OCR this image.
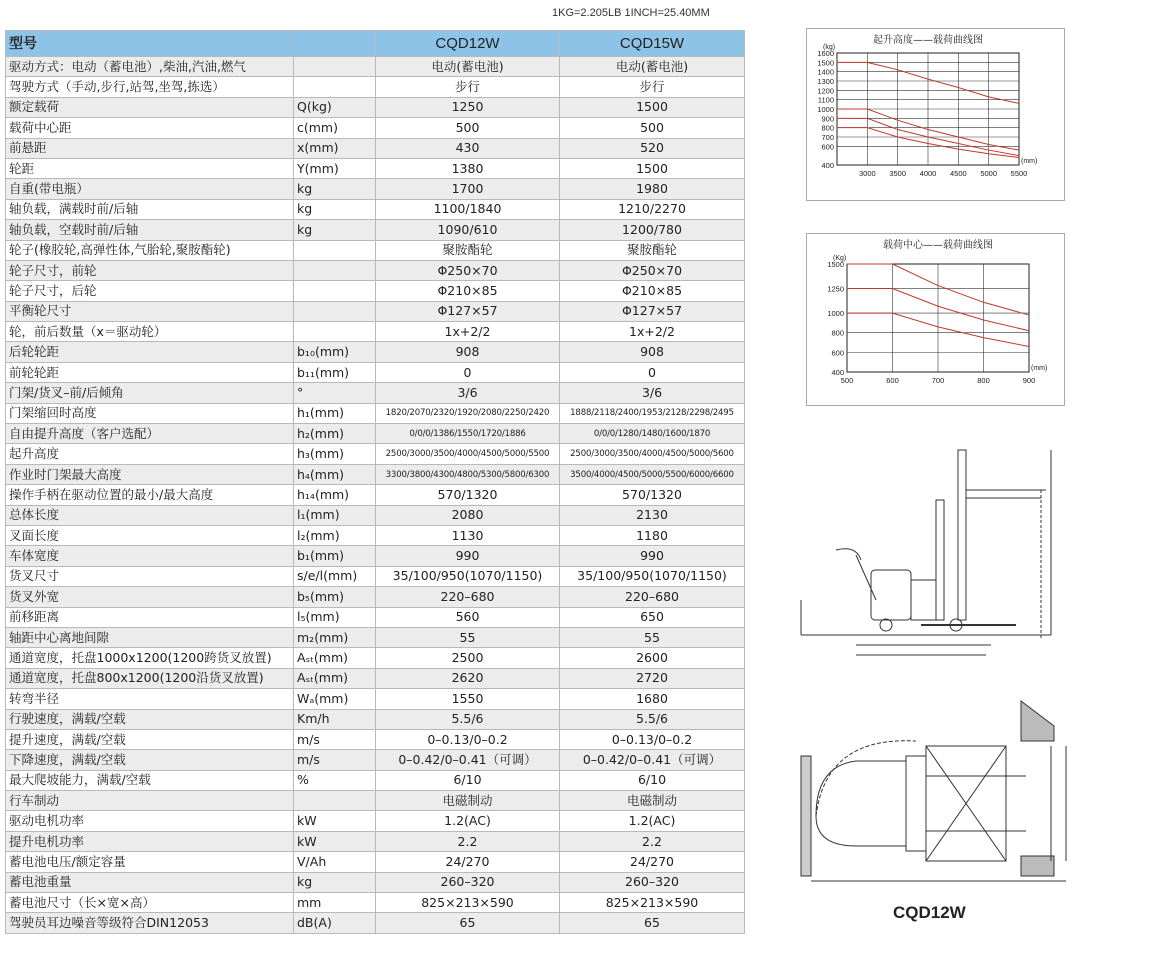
1KG=2.205LB 1INCH=25.40MM
型号		CQD12W	CQD15W
驱动方式：电动（蓄电池）,柴油,汽油,燃气		电动(蓄电池)	电动(蓄电池)
驾驶方式（手动,步行,站驾,坐驾,拣选）		步行	步行
额定载荷	Q(kg)	1250	1500
载荷中心距	c(mm)	500	500
前悬距	x(mm)	430	520
轮距	Y(mm)	1380	1500
自重(带电瓶）	kg	1700	1980
轴负载，满载时前/后轴	kg	1100/1840	1210/2270
轴负载，空载时前/后轴	kg	1090/610	1200/780
轮子(橡胶轮,高弹性体,气胎轮,聚胺酯轮)		聚胺酯轮	聚胺酯轮
轮子尺寸，前轮		Φ250×70	Φ250×70
轮子尺寸，后轮		Φ210×85	Φ210×85
平衡轮尺寸		Φ127×57	Φ127×57
轮，前后数量（x＝驱动轮）		1x+2/2	1x+2/2
后轮轮距	b₁₀(mm)	908	908
前轮轮距	b₁₁(mm)	0	0
门架/货叉–前/后倾角	°	3/6	3/6
门架缩回时高度	h₁(mm)	1820/2070/2320/1920/2080/2250/2420	1888/2118/2400/1953/2128/2298/2495
自由提升高度（客户选配）	h₂(mm)	0/0/0/1386/1550/1720/1886	0/0/0/1280/1480/1600/1870
起升高度	h₃(mm)	2500/3000/3500/4000/4500/5000/5500	2500/3000/3500/4000/4500/5000/5600
作业时门架最大高度	h₄(mm)	3300/3800/4300/4800/5300/5800/6300	3500/4000/4500/5000/5500/6000/6600
操作手柄在驱动位置的最小/最大高度	h₁₄(mm)	570/1320	570/1320
总体长度	l₁(mm)	2080	2130
叉面长度	l₂(mm)	1130	1180
车体宽度	b₁(mm)	990	990
货叉尺寸	s/e/l(mm)	35/100/950(1070/1150)	35/100/950(1070/1150)
货叉外宽	b₅(mm)	220–680	220–680
前移距离	l₅(mm)	560	650
轴距中心离地间隙	m₂(mm)	55	55
通道宽度，托盘1000x1200(1200跨货叉放置)	Aₛₜ(mm)	2500	2600
通道宽度，托盘800x1200(1200沿货叉放置)	Aₛₜ(mm)	2620	2720
转弯半径	Wₐ(mm)	1550	1680
行驶速度，满载/空载	Km/h	5.5/6	5.5/6
提升速度，满载/空载	m/s	0–0.13/0–0.2	0–0.13/0–0.2
下降速度，满载/空载	m/s	0–0.42/0–0.41（可调）	0–0.42/0–0.41（可调）
最大爬坡能力，满载/空载	%	6/10	6/10
行车制动		电磁制动	电磁制动
驱动电机功率	kW	1.2(AC)	1.2(AC)
提升电机功率	kW	2.2	2.2
蓄电池电压/额定容量	V/Ah	24/270	24/270
蓄电池重量	kg	260–320	260–320
蓄电池尺寸（长×宽×高）	mm	825×213×590	825×213×590
驾驶员耳边噪音等级符合DIN12053	dB(A)	65	65
起升高度——载荷曲线图
400
600
700
800
900
1000
1100
1200
1300
1400
1500
1600
3000 3500 4000 4500 5000 5500
(kg)
(mm)
载荷中心——载荷曲线图
400
600
800
1000
1250
1500
500	600	700	800	900
(Kg)
(mm)
CQD12W
